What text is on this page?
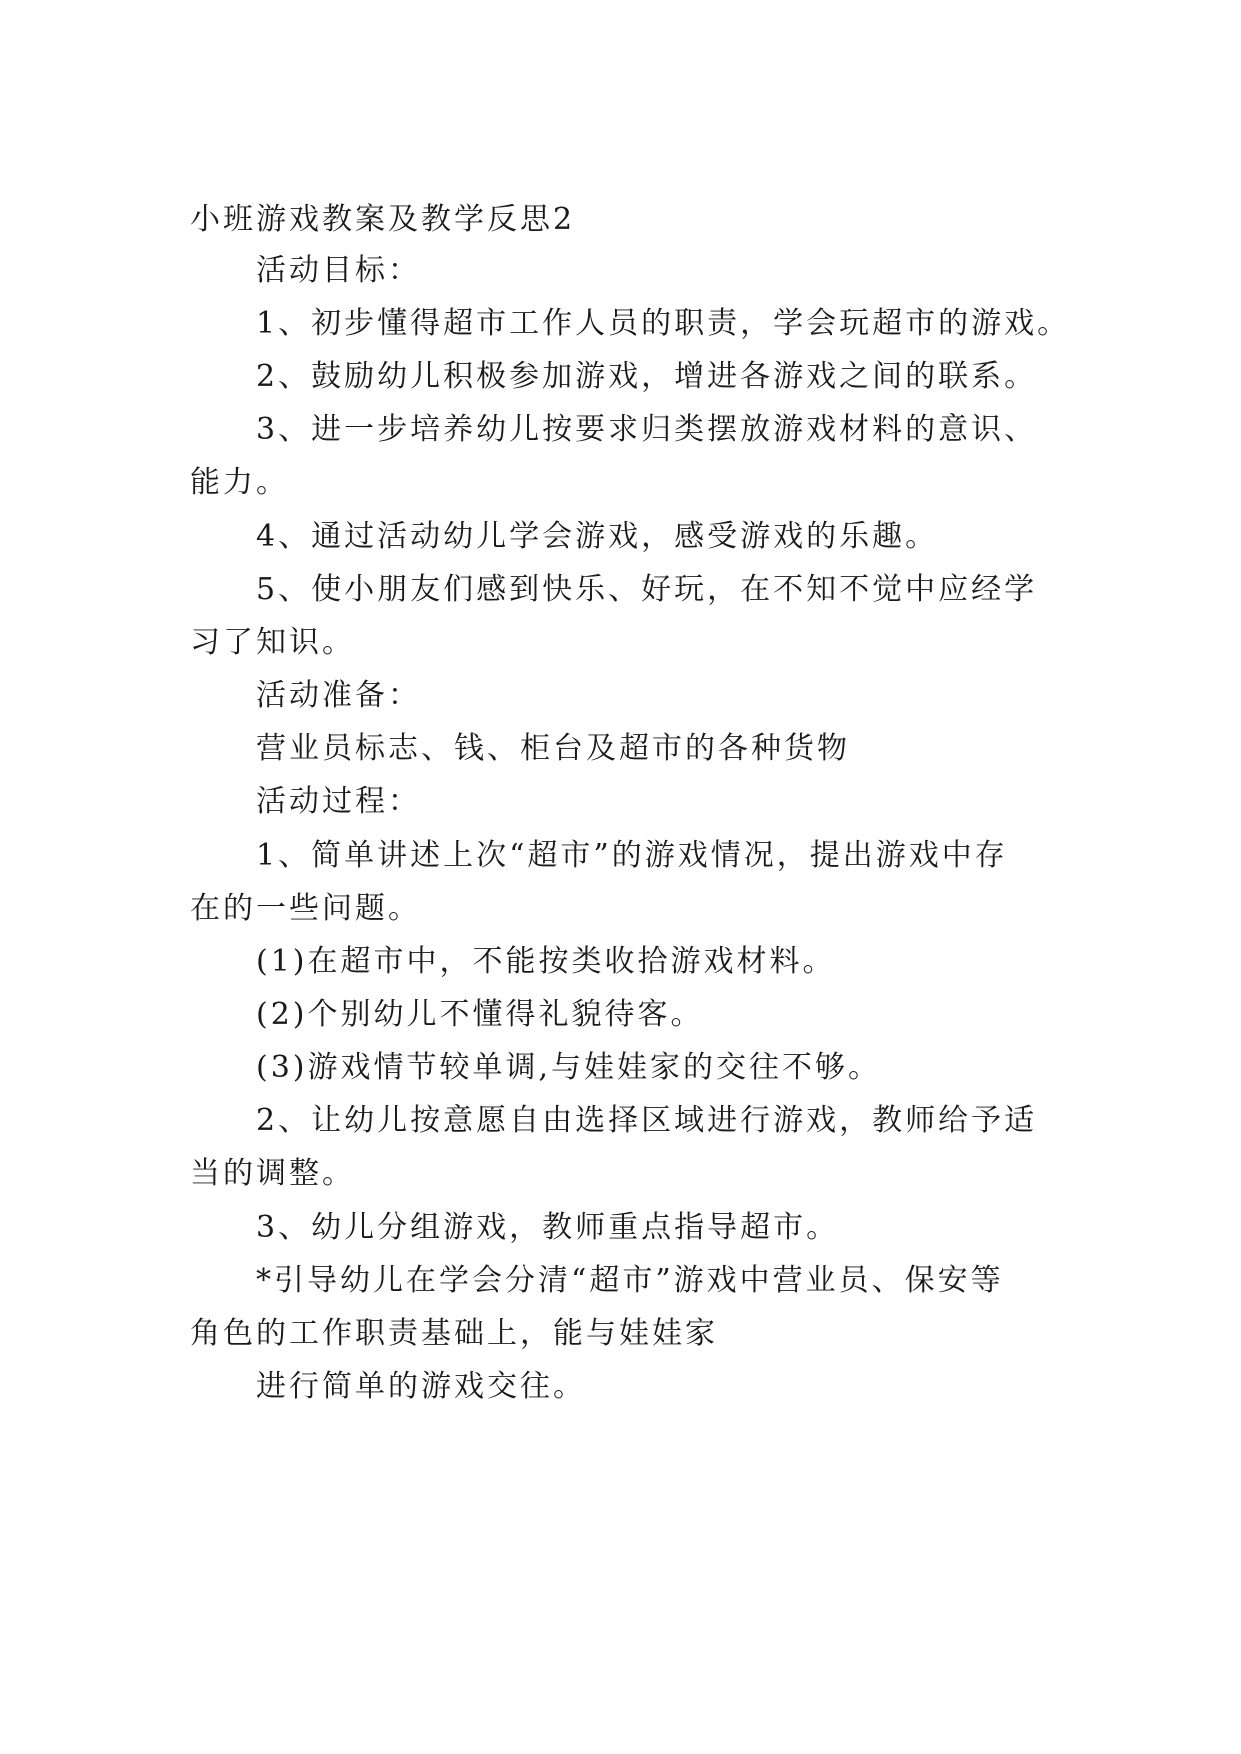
小班游戏教案及教学反思2
活动目标：
1、初步懂得超市工作人员的职责，学会玩超市的游戏。
2、鼓励幼儿积极参加游戏，增进各游戏之间的联系。
3、进一步培养幼儿按要求归类摆放游戏材料的意识、
能力。
4、通过活动幼儿学会游戏，感受游戏的乐趣。
5、使小朋友们感到快乐、好玩，在不知不觉中应经学
习了知识。
活动准备：
营业员标志、钱、柜台及超市的各种货物
活动过程：
1、简单讲述上次“超市”的游戏情况，提出游戏中存
在的一些问题。
(1)在超市中，不能按类收拾游戏材料。
(2)个别幼儿不懂得礼貌待客。
(3)游戏情节较单调,与娃娃家的交往不够。
2、让幼儿按意愿自由选择区域进行游戏，教师给予适
当的调整。
3、幼儿分组游戏，教师重点指导超市。
*引导幼儿在学会分清“超市”游戏中营业员、保安等
角色的工作职责基础上，能与娃娃家
进行简单的游戏交往。
